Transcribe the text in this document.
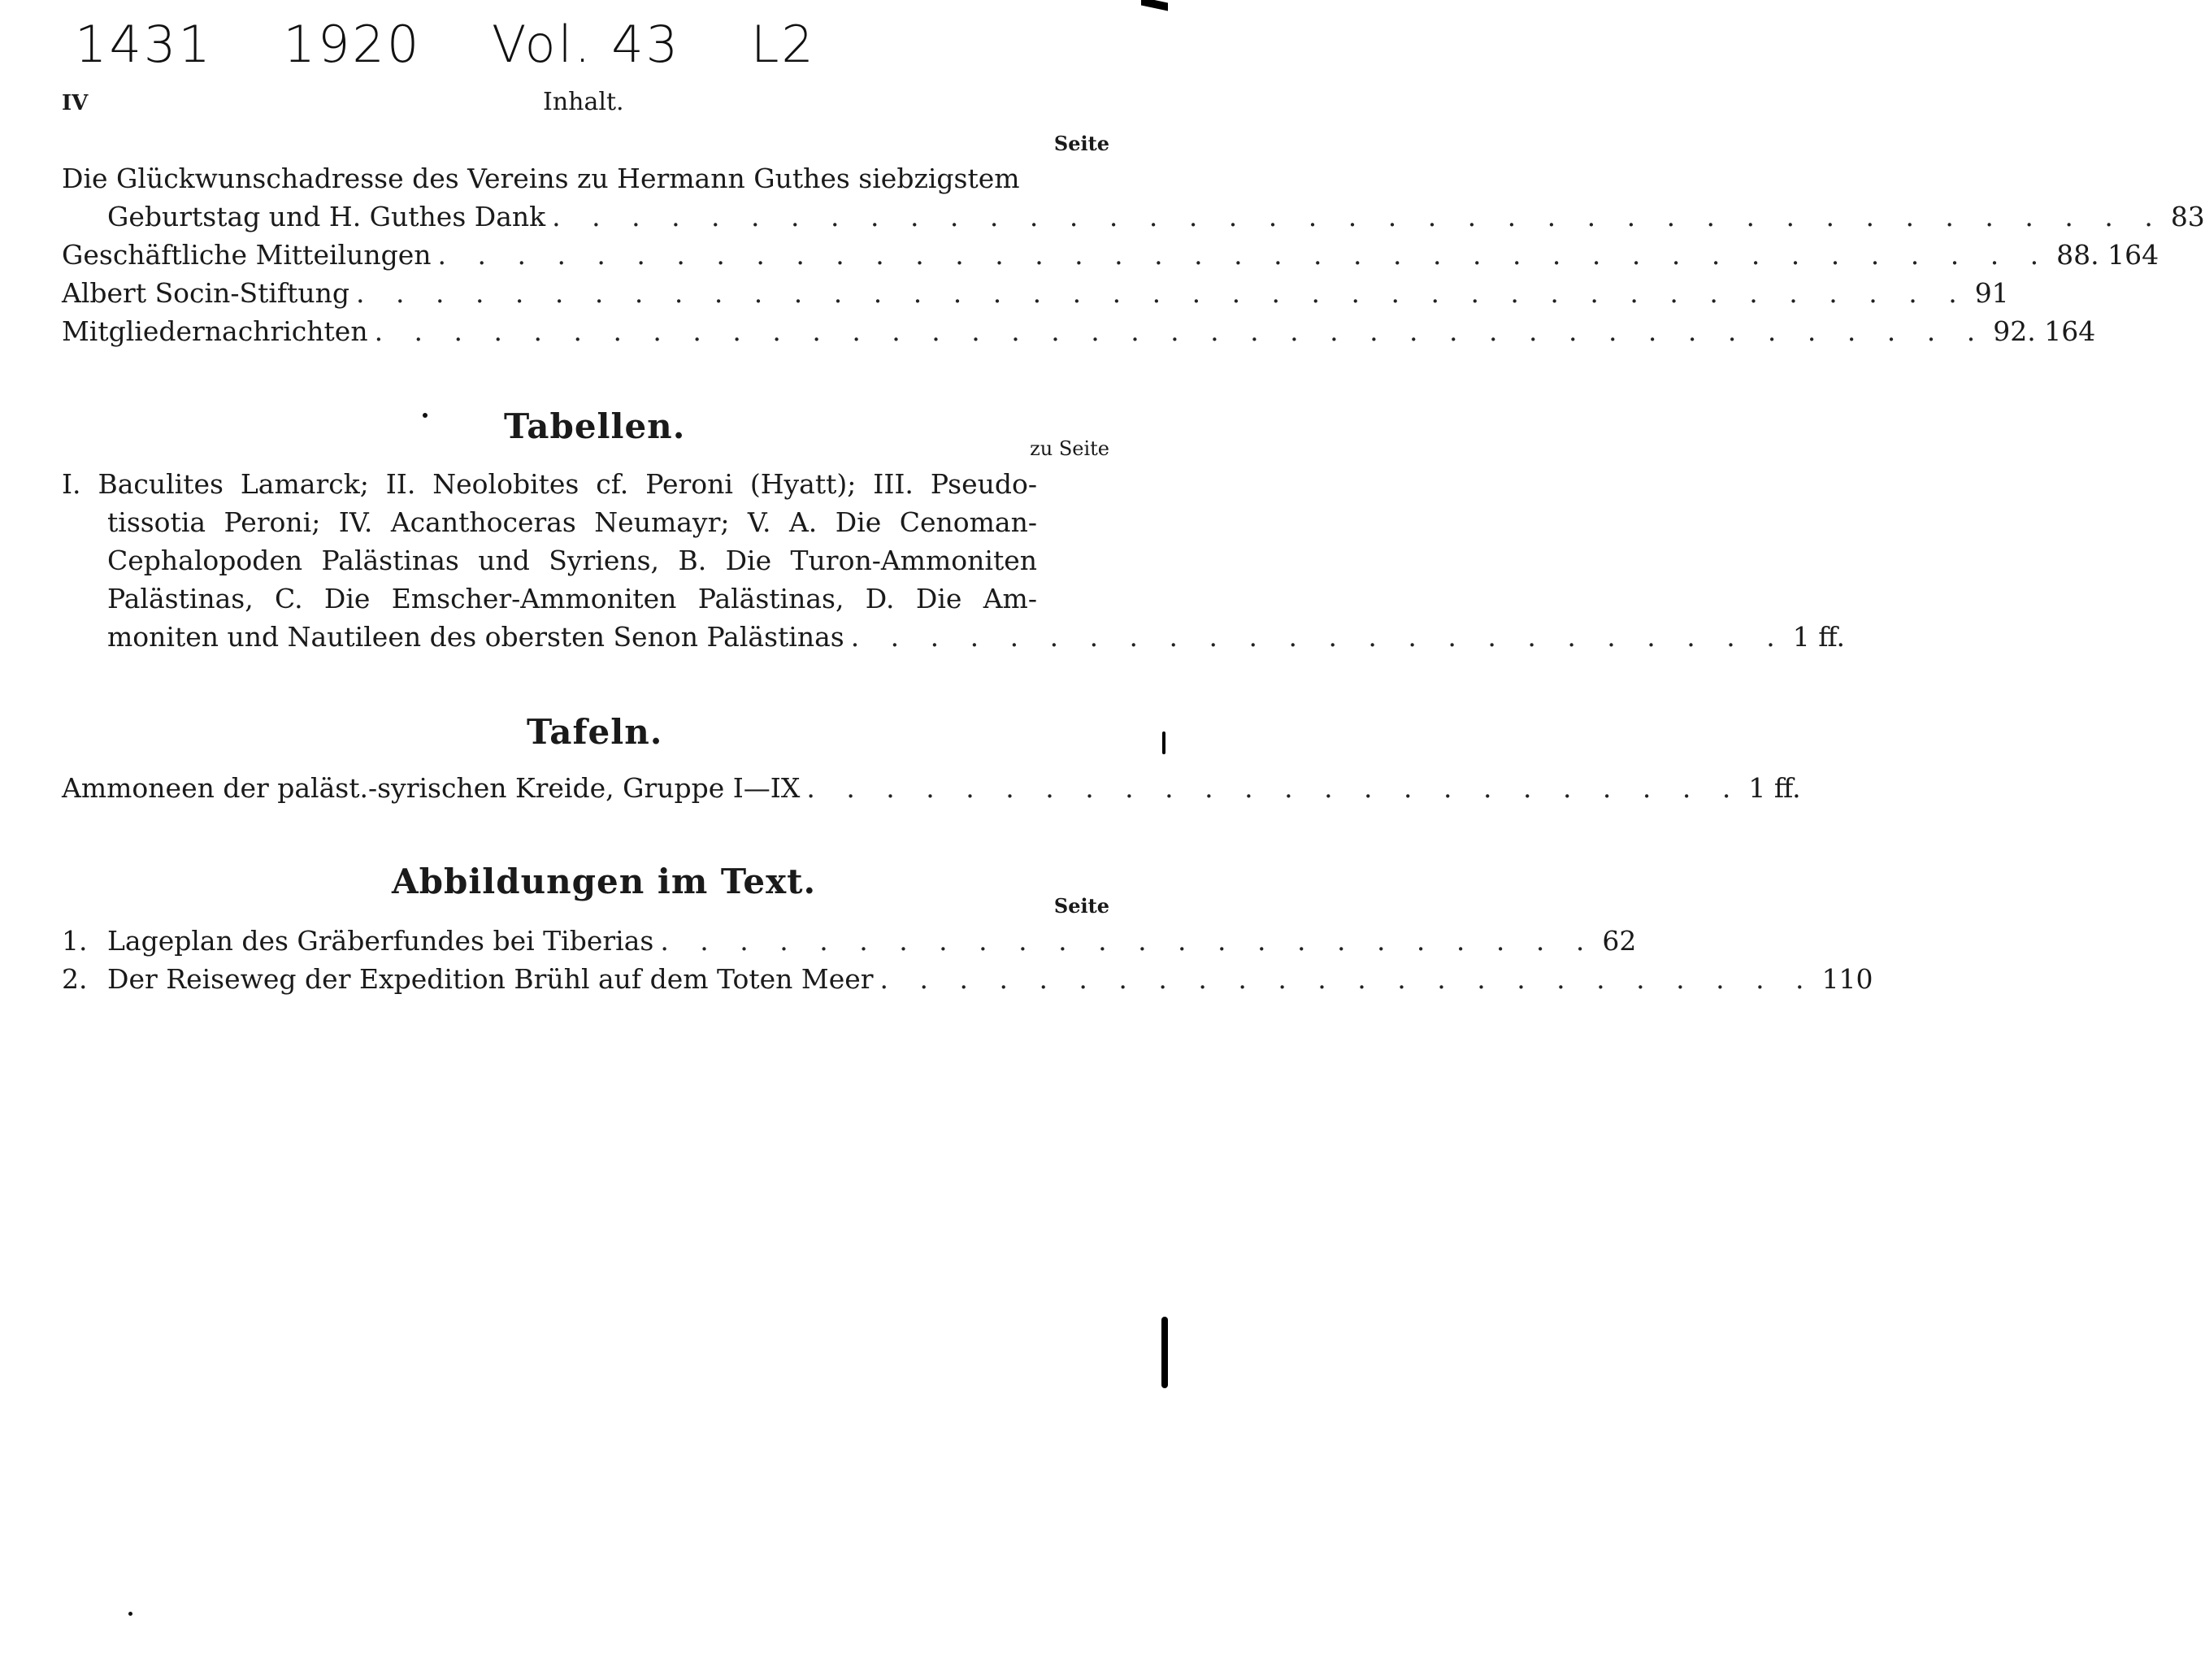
1431 1920 Vol. 43 L2
IV	Inhalt.
Seite
Die Glückwunschadresse des Vereins zu Hermann Guthes siebzigstem
Geburtstag und H. Guthes Dank . . . . . . . . . . . . . . . . . . . . . . . . . . . . . . . . . . . . . . . . . 83
Geschäftliche Mitteilungen . . . . . . . . . . . . . . . . . . . . . . . . . . . . . . . . . . . . . . . . . 88. 164
Albert Socin-Stiftung . . . . . . . . . . . . . . . . . . . . . . . . . . . . . . . . . . . . . . . . . 91
Mitgliedernachrichten . . . . . . . . . . . . . . . . . . . . . . . . . . . . . . . . . . . . . . . . . 92. 164
Tabellen.
zu Seite
I. Baculites Lamarck; II. Neolobites cf. Peroni (Hyatt); III. Pseudo-
tissotia Peroni; IV. Acanthoceras Neumayr; V. A. Die Cenoman-
Cephalopoden Palästinas und Syriens, B. Die Turon-Ammoniten
Palästinas, C. Die Emscher-Ammoniten Palästinas, D. Die Am-
moniten und Nautileen des obersten Senon Palästinas . . . . . . . . . . . . . . . . . . . . . . . . 1 ff.
Tafeln.
Ammoneen der paläst.-syrischen Kreide, Gruppe I—IX . . . . . . . . . . . . . . . . . . . . . . . . 1 ff.
Abbildungen im Text.
Seite
1. Lageplan des Gräberfundes bei Tiberias . . . . . . . . . . . . . . . . . . . . . . . . 62
2. Der Reiseweg der Expedition Brühl auf dem Toten Meer . . . . . . . . . . . . . . . . . . . . . . . . 110
